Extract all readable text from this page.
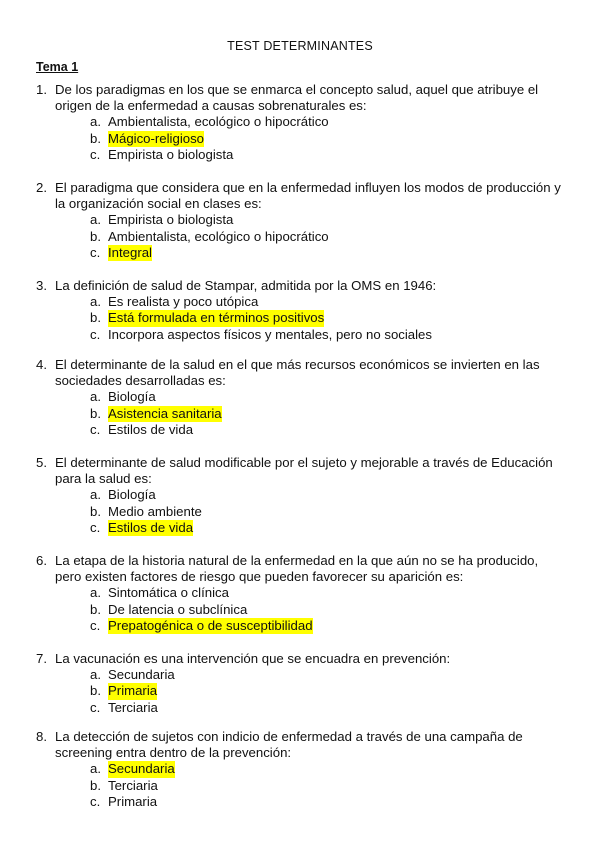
TEST DETERMINANTES
Tema 1
1. De los paradigmas en los que se enmarca el concepto salud, aquel que atribuye el origen de la enfermedad a causas sobrenaturales es:
a. Ambientalista, ecológico o hipocrático
b. Mágico-religioso
c. Empirista o biologista
2. El paradigma que considera que en la enfermedad influyen los modos de producción y la organización social en clases es:
a. Empirista o biologista
b. Ambientalista, ecológico o hipocrático
c. Integral
3. La definición de salud de Stampar, admitida por la OMS en 1946:
a. Es realista y poco utópica
b. Está formulada en términos positivos
c. Incorpora aspectos físicos y mentales, pero no sociales
4. El determinante de la salud en el que más recursos económicos se invierten en las sociedades desarrolladas es:
a. Biología
b. Asistencia sanitaria
c. Estilos de vida
5. El determinante de salud modificable por el sujeto y mejorable a través de Educación para la salud es:
a. Biología
b. Medio ambiente
c. Estilos de vida
6. La etapa de la historia natural de la enfermedad en la que aún no se ha producido, pero existen factores de riesgo que pueden favorecer su aparición es:
a. Sintomática o clínica
b. De latencia o subclínica
c. Prepatogénica o de susceptibilidad
7. La vacunación es una intervención que se encuadra en prevención:
a. Secundaria
b. Primaria
c. Terciaria
8. La detección de sujetos con indicio de enfermedad a través de una campaña de screening entra dentro de la prevención:
a. Secundaria
b. Terciaria
c. Primaria
